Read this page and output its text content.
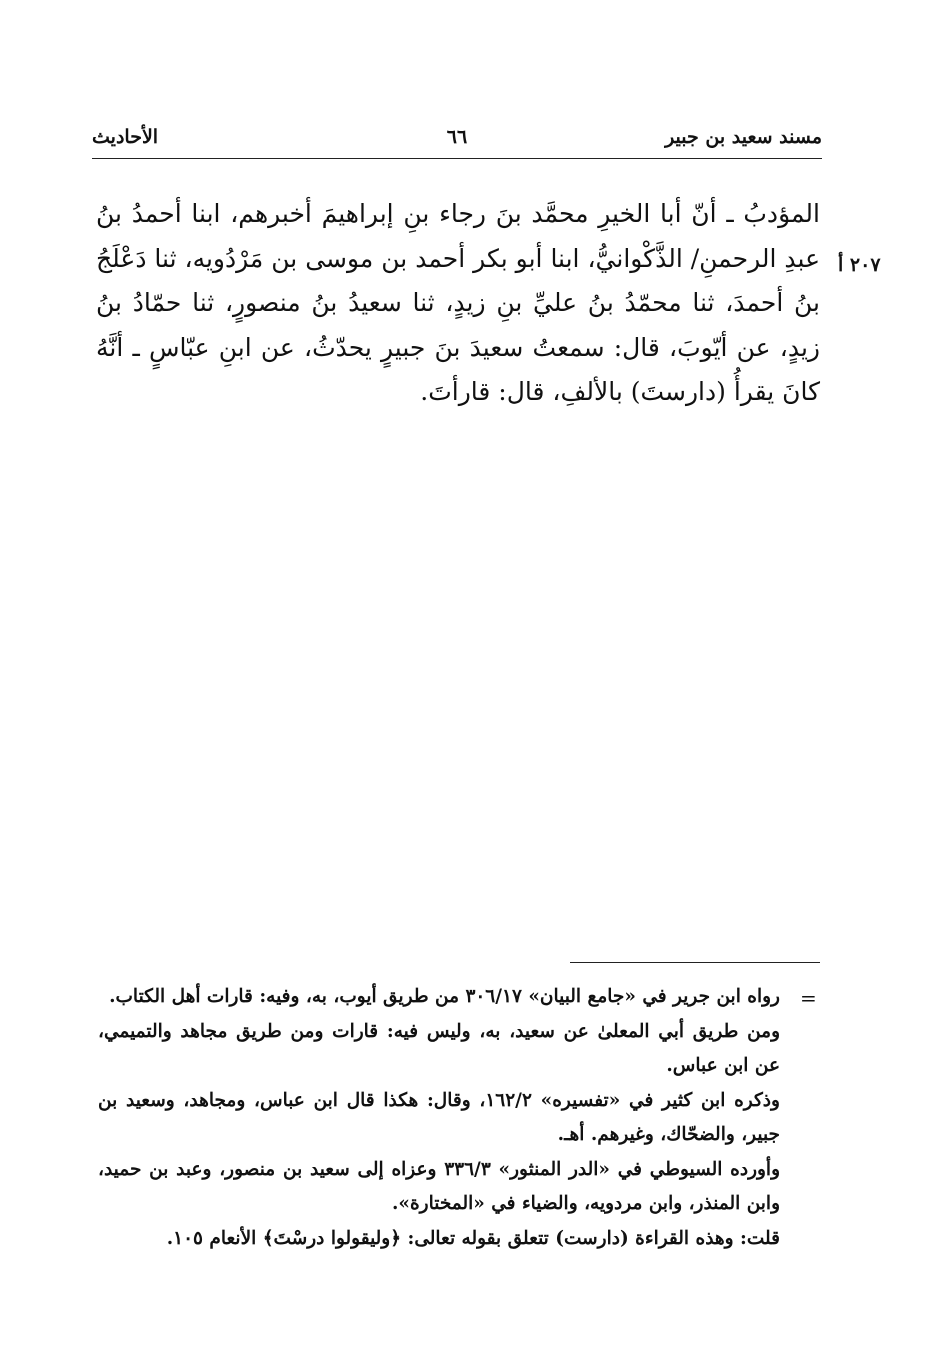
مسند سعيد بن جبير
٦٦
الأحاديث
٢٠٧ أ
المؤدبُ ـ أنّ أبا الخيرِ محمَّد بنَ رجاء بنِ إبراهيمَ أخبرهم، ابنا أحمدُ بنُ عبدِ الرحمنِ/ الذَّكْوانيُّ، ابنا أبو بكر أحمد بن موسى بن مَرْدُويه، ثنا دَعْلَجُ بنُ أحمدَ، ثنا محمّدُ بنُ عليِّ بنِ زيدٍ، ثنا سعيدُ بنُ منصورٍ، ثنا حمّادُ بنُ زيدٍ، عن أيّوبَ، قال: سمعتُ سعيدَ بنَ جبيرٍ يحدّثُ، عن ابنِ عبّاسٍ ـ أنَّهُ كانَ يقرأُ (دارستَ) بالألفِ، قال: قارأتَ.
=

رواه ابن جرير في «جامع البيان» ٣٠٦/١٧ من طريق أيوب، به، وفيه: قارات أهل الكتاب.

ومن طريق أبي المعلىٰ عن سعيد، به، وليس فيه: قارات ومن طريق مجاهد والتميمي، عن ابن عباس.

وذكره ابن كثير في «تفسيره» ١٦٢/٢، وقال: هكذا قال ابن عباس، ومجاهد، وسعيد بن جبير، والضحّاك، وغيرهم. أهـ.

وأورده السيوطي في «الدر المنثور» ٣٣٦/٣ وعزاه إلى سعيد بن منصور، وعبد بن حميد، وابن المنذر، وابن مردويه، والضياء في «المختارة».

قلت: وهذه القراءة (دارست) تتعلق بقوله تعالى: ﴿وليقولوا درسْتَ﴾ الأنعام ١٠٥.
